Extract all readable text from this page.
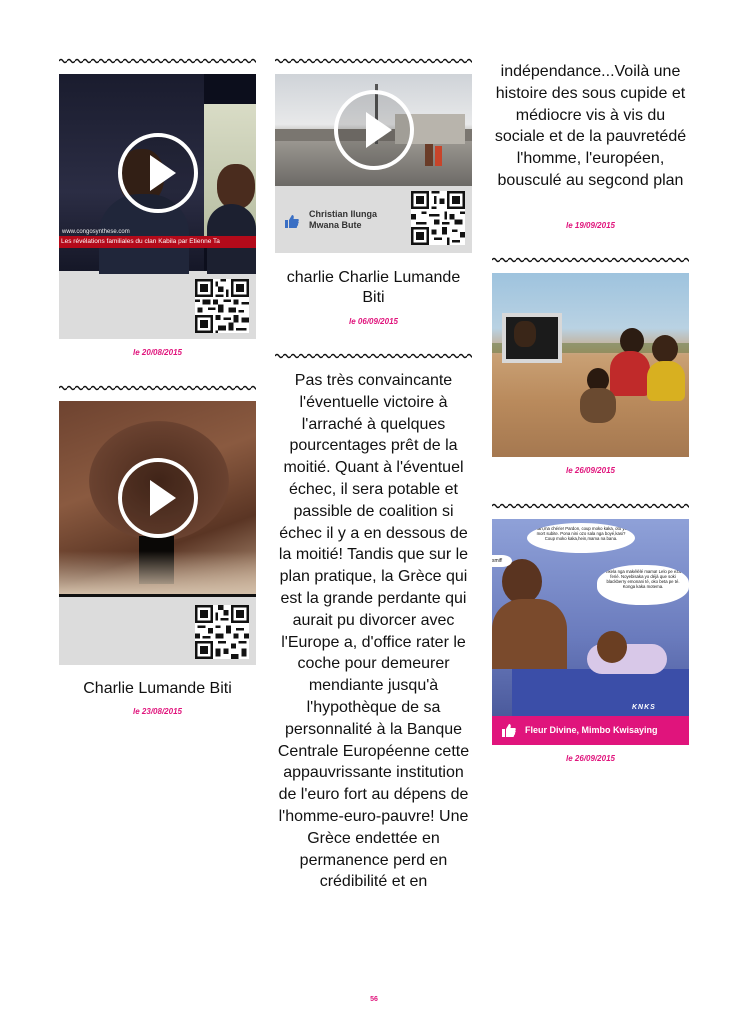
www.congosynthese.com
Les révélations familiales du clan Kabila par Etienne Ta
le 20/08/2015
Charlie Lumande Biti
le 23/08/2015
Christian Ilunga Mwana Bute
charlie Charlie Lumande Biti
le 06/09/2015
Pas très convaincante l'éventuelle victoire à l'arraché à quelques pourcentages prêt de la moitié. Quant à l'éventuel échec, il sera potable et passible de coalition si échec il y a en dessous de la moitié! Tandis que sur le plan pratique, la Grèce qui est la grande perdante qui aurait pu divorcer avec l'Europe a, d'office rater le coche pour demeurer mendiante jusqu'à l'hypothèque de sa personnalité à la Banque Centrale Européenne cette appauvrissante institution de l'euro fort au dépens de l'homme-euro-pauvre! Une Grèce endettée en permanence perd en crédibilité et en
indépendance...Voilà une histoire des sous cupide et médiocre vis à vis du sociale et de la pauvretédé l'homme, l'européen, bousculé au segcond plan
le 19/09/2015
le 26/09/2015
Aah,ma chérie! Pardon, coup moko kaka, oto ya mort subite. Pona nini ozo sala nga boyé,kasi? Coup moko kaka,hein,mama na bana.
Tikela nga makélélé mama! Lelo pe eza ferié. Noyebisaka yo déjà que soki blackberry emonani té, oko beta pe té. Konga kaka motema.
smif!
KNKS
Fleur Divine, Mimbo Kwisaying
le 26/09/2015
56
